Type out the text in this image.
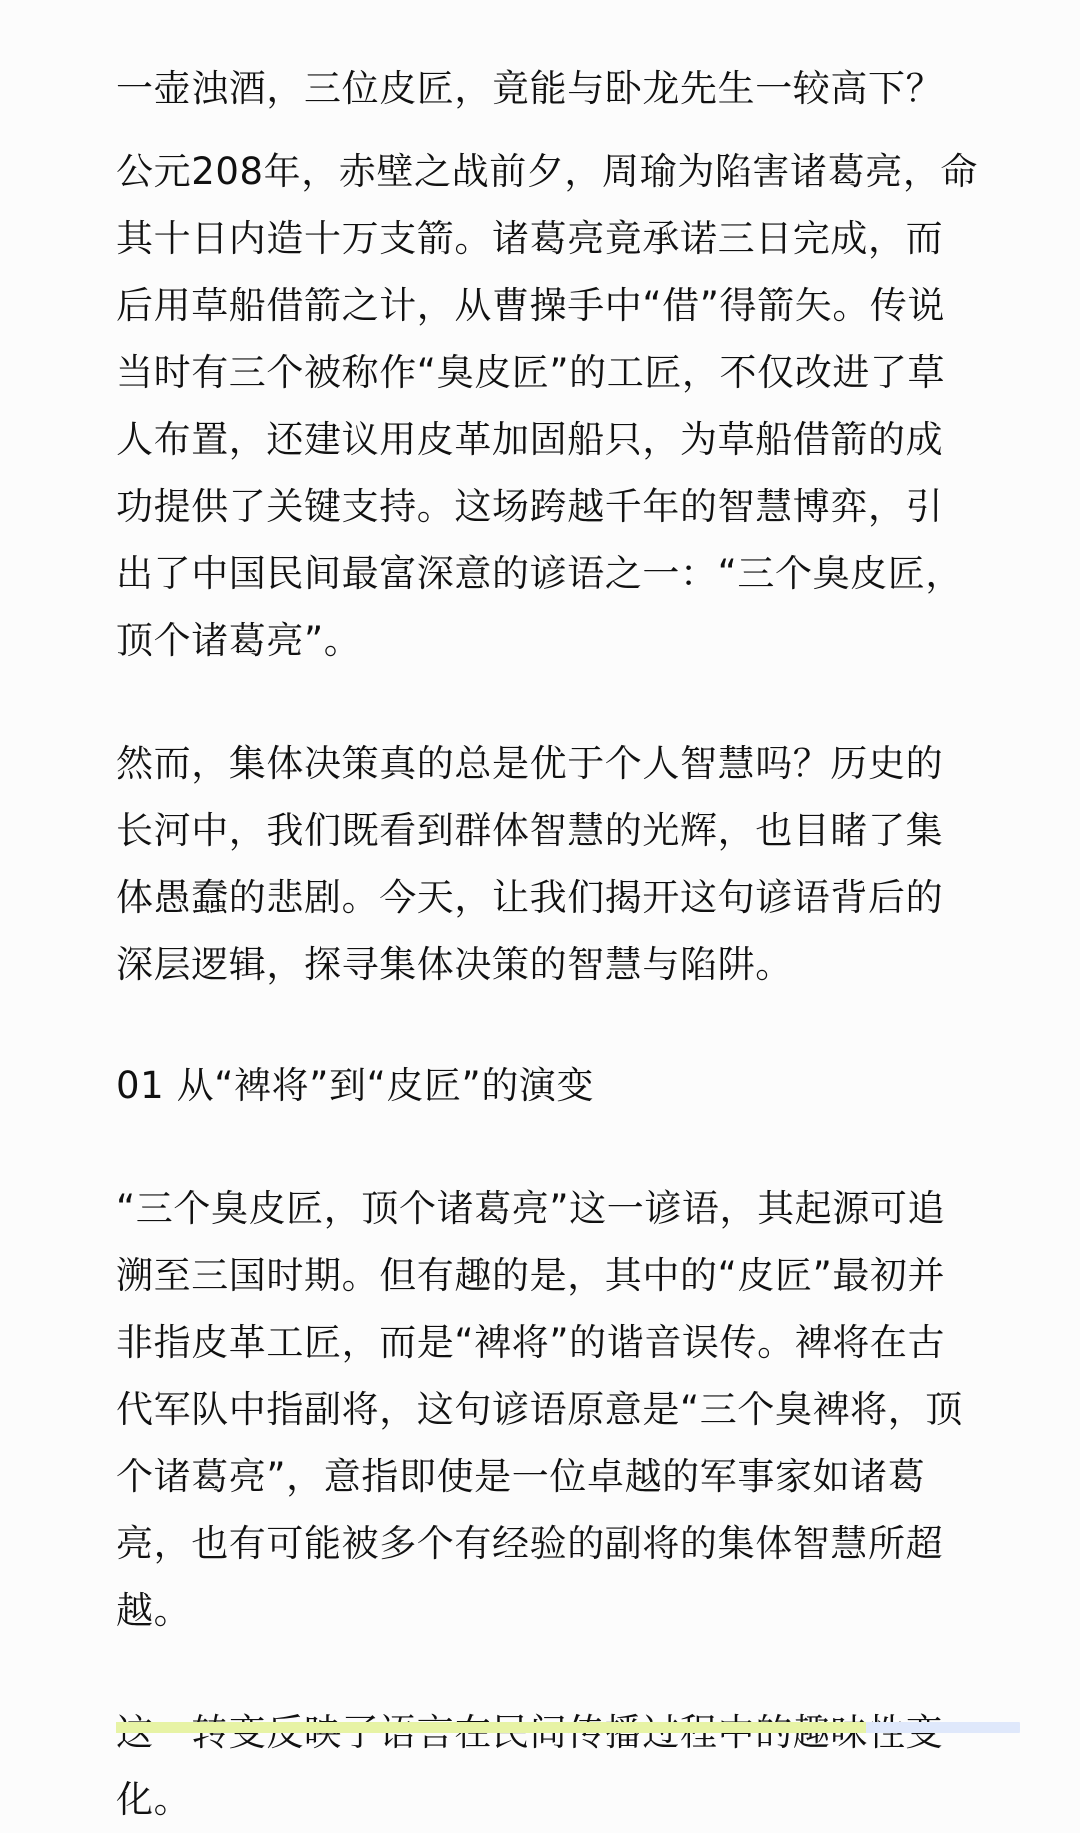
一壶浊酒，三位皮匠，竟能与卧龙先生一较高下？

公元208年，赤壁之战前夕，周瑜为陷害诸葛亮，命其十日内造十万支箭。诸葛亮竟承诺三日完成，而后用草船借箭之计，从曹操手中“借”得箭矢。传说当时有三个被称作“臭皮匠”的工匠，不仅改进了草人布置，还建议用皮革加固船只，为草船借箭的成功提供了关键支持。这场跨越千年的智慧博弈，引出了中国民间最富深意的谚语之一：“三个臭皮匠，顶个诸葛亮”。

然而，集体决策真的总是优于个人智慧吗？历史的长河中，我们既看到群体智慧的光辉，也目睹了集体愚蠢的悲剧。今天，让我们揭开这句谚语背后的深层逻辑，探寻集体决策的智慧与陷阱。

01 从“裨将”到“皮匠”的演变

“三个臭皮匠，顶个诸葛亮”这一谚语，其起源可追溯至三国时期。但有趣的是，其中的“皮匠”最初并非指皮革工匠，而是“裨将”的谐音误传。裨将在古代军队中指副将，这句谚语原意是“三个臭裨将，顶个诸葛亮”，意指即使是一位卓越的军事家如诸葛亮，也有可能被多个有经验的副将的集体智慧所超越。

化。
